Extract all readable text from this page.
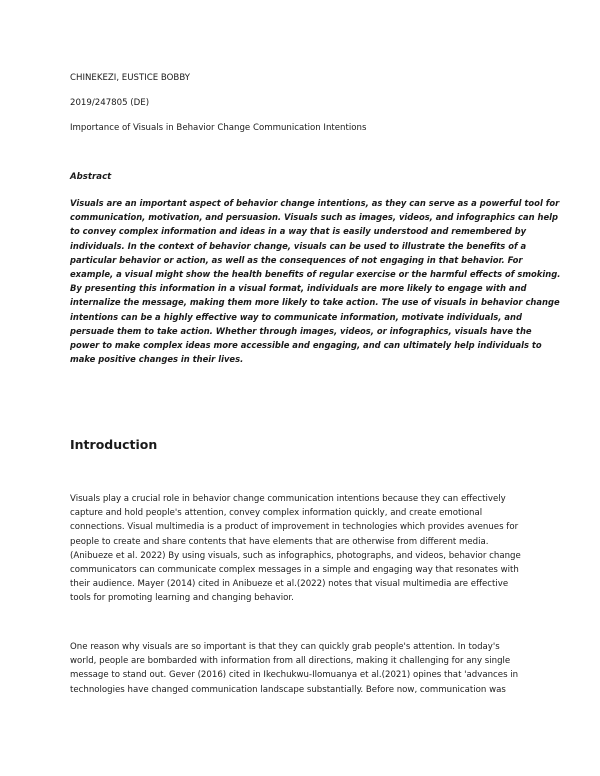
CHINEKEZI, EUSTICE BOBBY
2019/247805 (DE)
Importance of Visuals in Behavior Change Communication Intentions
Abstract
Visuals are an important aspect of behavior change intentions, as they can serve as a powerful tool for
communication, motivation, and persuasion. Visuals such as images, videos, and infographics can help
to convey complex information and ideas in a way that is easily understood and remembered by
individuals. In the context of behavior change, visuals can be used to illustrate the benefits of a
particular behavior or action, as well as the consequences of not engaging in that behavior. For
example, a visual might show the health benefits of regular exercise or the harmful effects of smoking.
By presenting this information in a visual format, individuals are more likely to engage with and
internalize the message, making them more likely to take action. The use of visuals in behavior change
intentions can be a highly effective way to communicate information, motivate individuals, and
persuade them to take action. Whether through images, videos, or infographics, visuals have the
power to make complex ideas more accessible and engaging, and can ultimately help individuals to
make positive changes in their lives.
Introduction
Visuals play a crucial role in behavior change communication intentions because they can effectively
capture and hold people's attention, convey complex information quickly, and create emotional
connections. Visual multimedia is a product of improvement in technologies which provides avenues for
people to create and share contents that have elements that are otherwise from different media.
(Anibueze et al. 2022) By using visuals, such as infographics, photographs, and videos, behavior change
communicators can communicate complex messages in a simple and engaging way that resonates with
their audience. Mayer (2014) cited in Anibueze et al.(2022) notes that visual multimedia are effective
tools for promoting learning and changing behavior.
One reason why visuals are so important is that they can quickly grab people's attention. In today's
world, people are bombarded with information from all directions, making it challenging for any single
message to stand out. Gever (2016) cited in Ikechukwu-Ilomuanya et al.(2021) opines that 'advances in
technologies have changed communication landscape substantially. Before now, communication was
